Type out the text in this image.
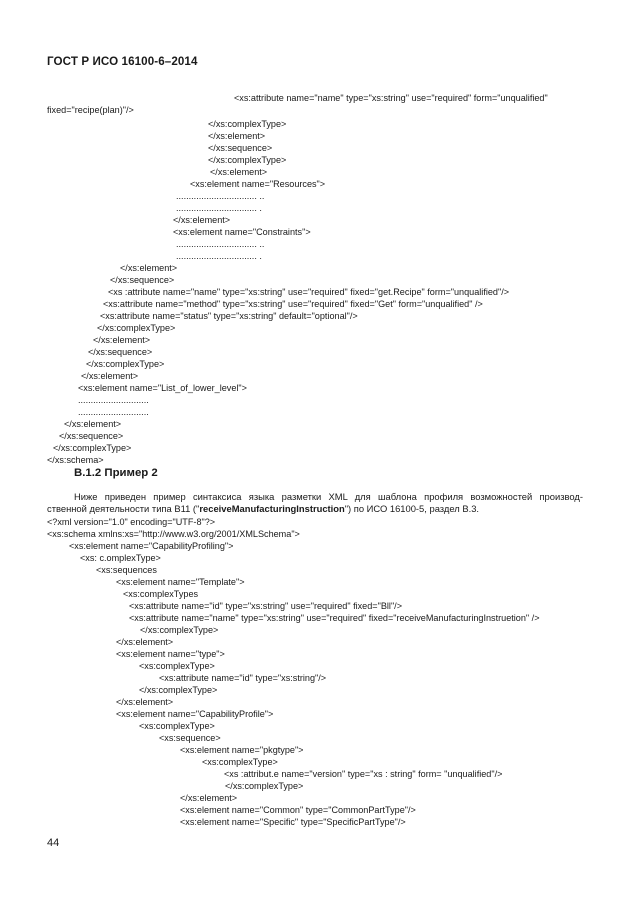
ГОСТ Р ИСО 16100-6–2014
<xs:attribute name="name" type="xs:string" use="required" form="unqualified"
fixed="recipe(plan)"/>
</xs:complexType>
</xs:element>
</xs:sequence>
</xs:complexType>
</xs:element>
<xs:element name="Resources">
................................ ..
................................ .
</xs:element>
<xs:element name="Constraints">
................................ ..
................................ .
</xs:element>
</xs:sequence>
<xs :attribute name="name" type="xs:string" use="required" fixed="get.Recipe" form="unqualified"/>
<xs:attribute name="method" type="xs:string" use="required" fixed="Get" form="unqualified" />
<xs:attribute name="status" type="xs:string" default="optional"/>
</xs:complexType>
</xs:element>
</xs:sequence>
</xs:complexType>
</xs:element>
<xs:element name="List_of_lower_level">
............................
............................
</xs:element>
</xs:sequence>
</xs:complexType>
</xs:schema>
B.1.2 Пример 2
Ниже приведен пример синтаксиса языка разметки XML для шаблона профиля возможностей производ-
ственной деятельности типа B11 ("receiveManufacturingInstruction") по ИСО 16100-5, раздел B.3.
<?xml version="1.0" encoding="UTF-8"?>
<xs:schema xmlns:xs="http://www.w3.org/2001/XMLSchema">
<xs:element name="CapabilityProfiling">
<xs: c.omplexType>
<xs:sequences
<xs:element name="Template">
<xs:complexTypes
<xs:attribute name="id" type="xs:string" use="required" fixed="Bll"/>
<xs:attribute name="name" type="xs:string" use="required" fixed="receiveManufacturingInstruetion" />
</xs:complexType>
</xs:element>
<xs:element name="type">
<xs:complexType>
<xs:attribute name="id" type="xs:string"/>
</xs:complexType>
</xs:element>
<xs:element name="CapabilityProfile">
<xs:complexType>
<xs:sequence>
<xs:element name="pkgtype">
<xs:complexType>
<xs :attribut.e name="version" type="xs : string" form= "unqualified"/>
</xs:complexType>
</xs:element>
<xs:element name="Common" type="CommonPartType"/>
<xs:element name="Specific" type="SpecificPartType"/>
44
